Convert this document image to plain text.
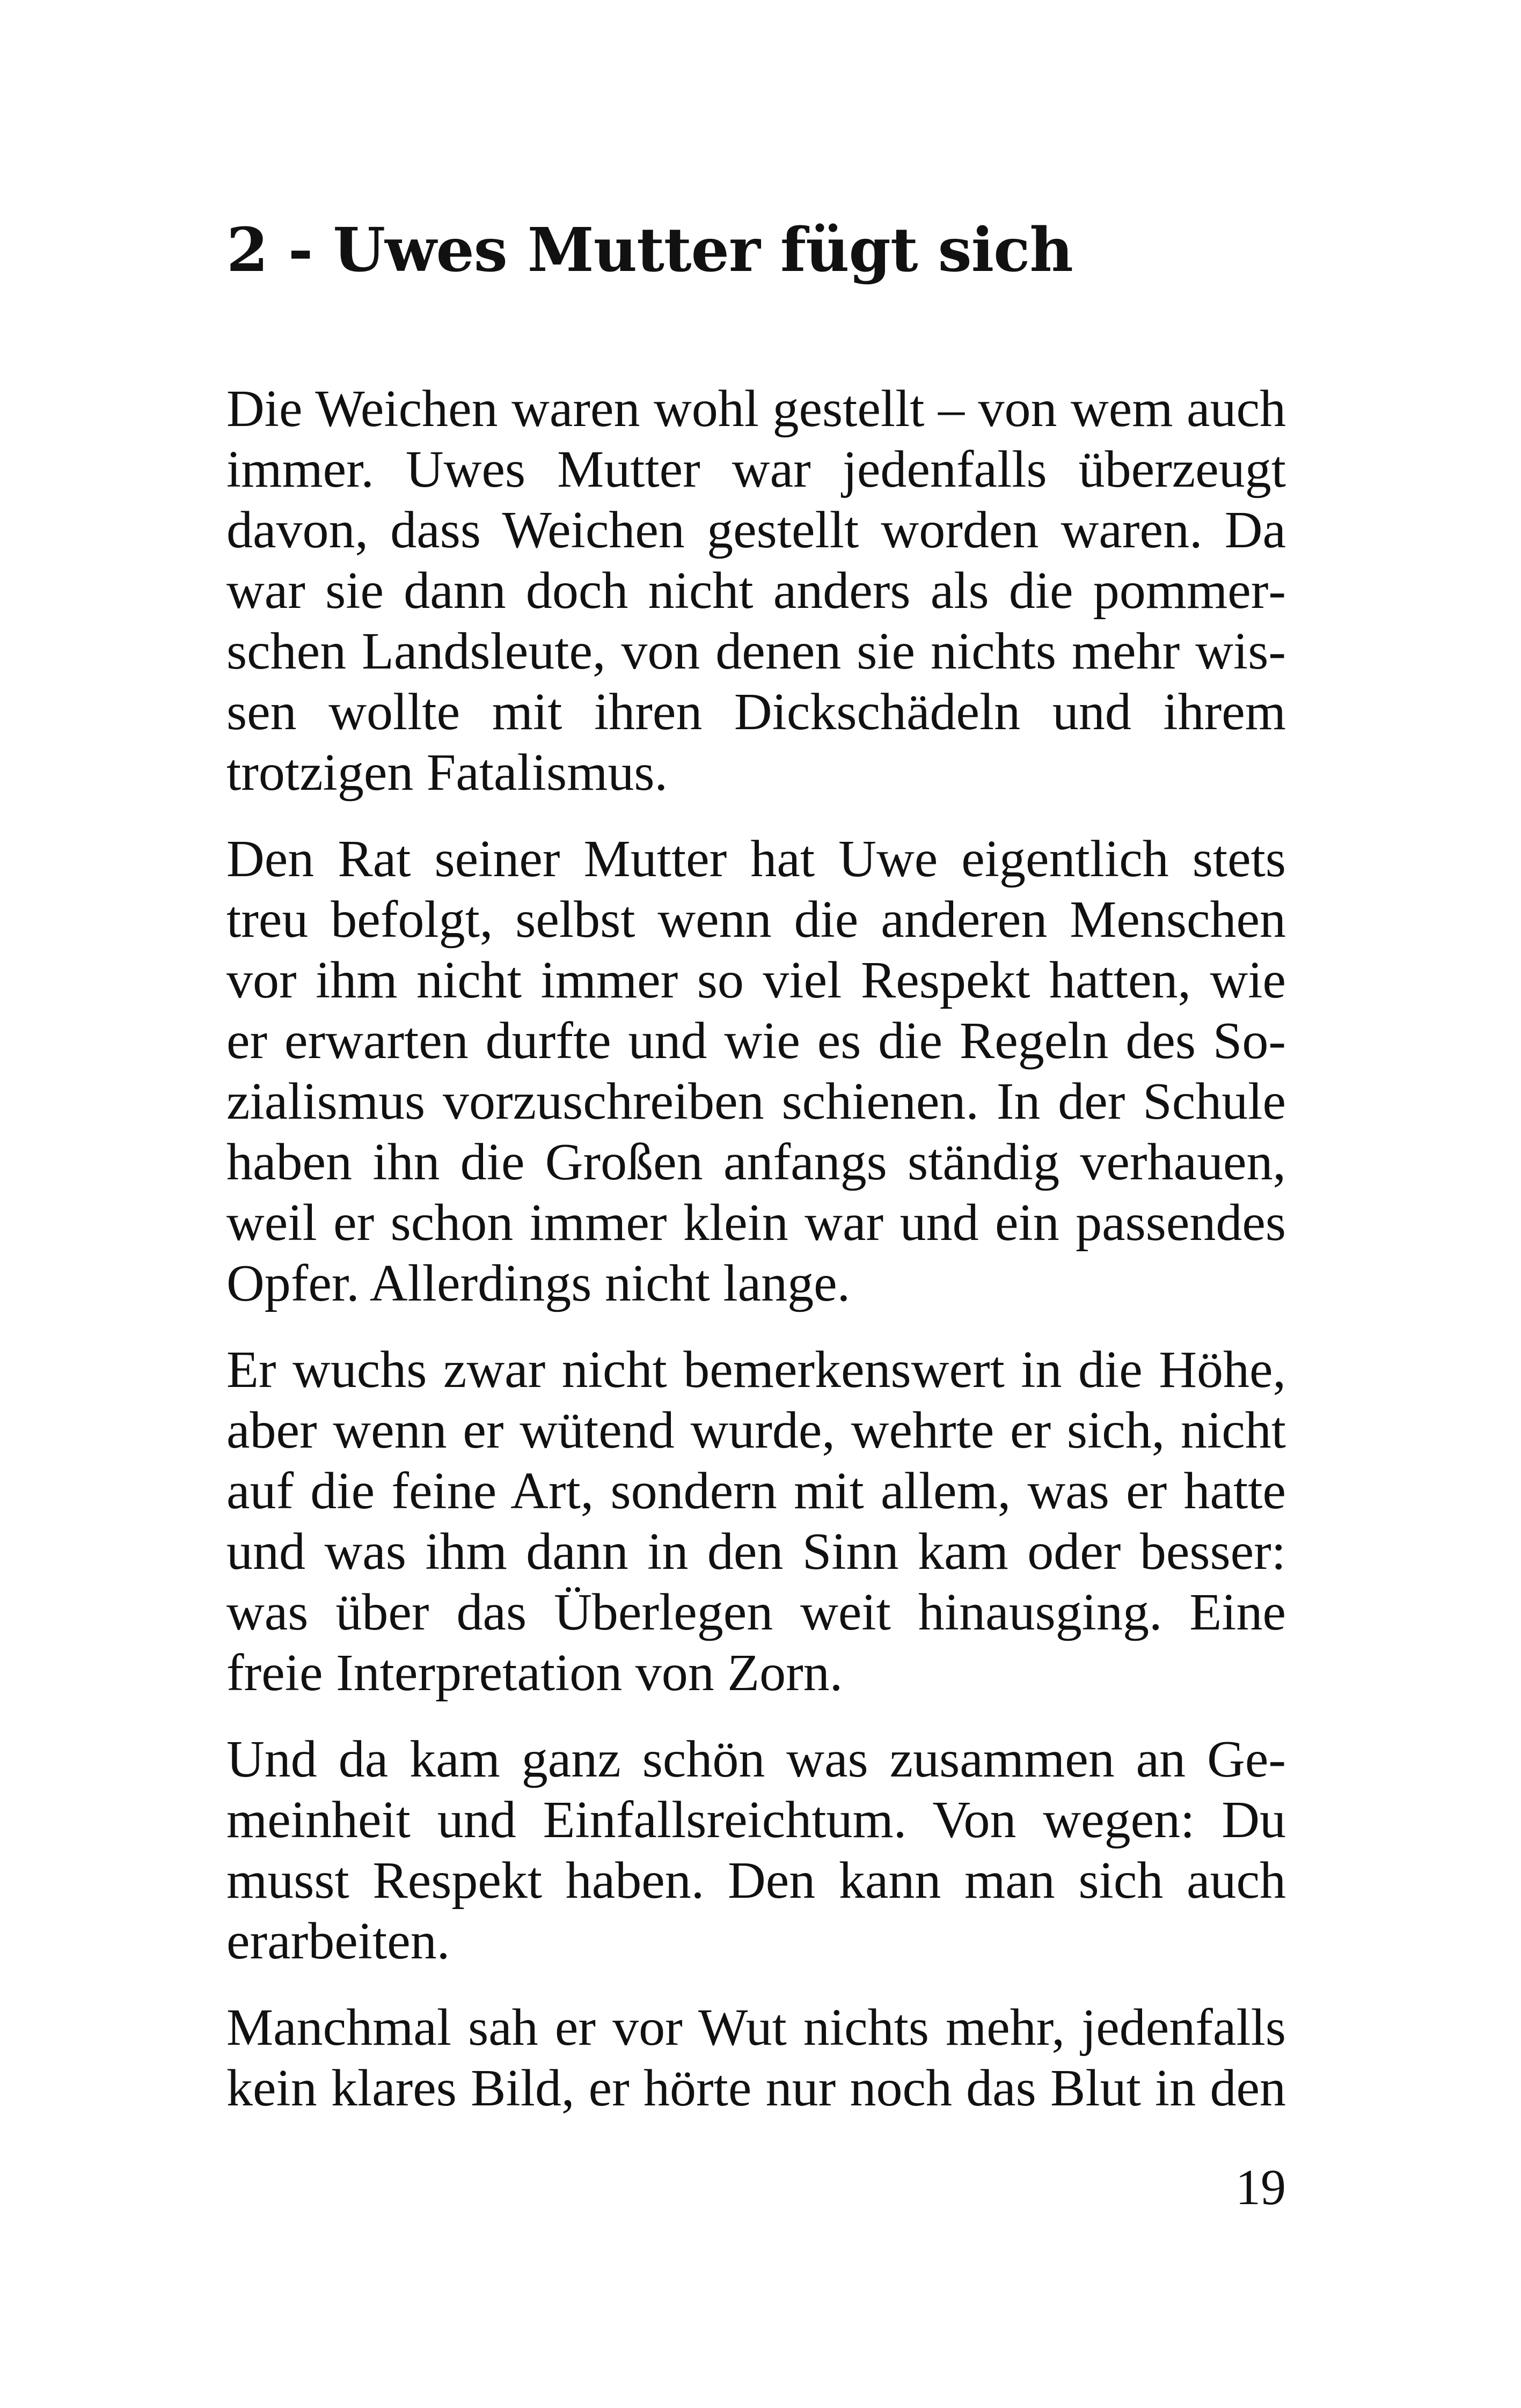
2 - Uwes Mutter fügt sich

Die Weichen waren wohl gestellt – von wem auch immer. Uwes Mutter war jedenfalls überzeugt davon, dass Weichen gestellt worden waren. Da war sie dann doch nicht anders als die pommerschen Landsleute, von denen sie nichts mehr wissen wollte mit ihren Dickschädeln und ihrem trotzigen Fatalismus.

Den Rat seiner Mutter hat Uwe eigentlich stets treu befolgt, selbst wenn die anderen Menschen vor ihm nicht immer so viel Respekt hatten, wie er erwarten durfte und wie es die Regeln des Sozialismus vorzuschreiben schienen. In der Schule haben ihn die Großen anfangs ständig verhauen, weil er schon immer klein war und ein passendes Opfer. Allerdings nicht lange.

Er wuchs zwar nicht bemerkenswert in die Höhe, aber wenn er wütend wurde, wehrte er sich, nicht auf die feine Art, sondern mit allem, was er hatte und was ihm dann in den Sinn kam oder besser: was über das Überlegen weit hinausging. Eine freie Interpretation von Zorn.

Und da kam ganz schön was zusammen an Gemeinheit und Einfallsreichtum. Von wegen: Du musst Respekt haben. Den kann man sich auch erarbeiten.

Manchmal sah er vor Wut nichts mehr, jedenfalls kein klares Bild, er hörte nur noch das Blut in den

19
